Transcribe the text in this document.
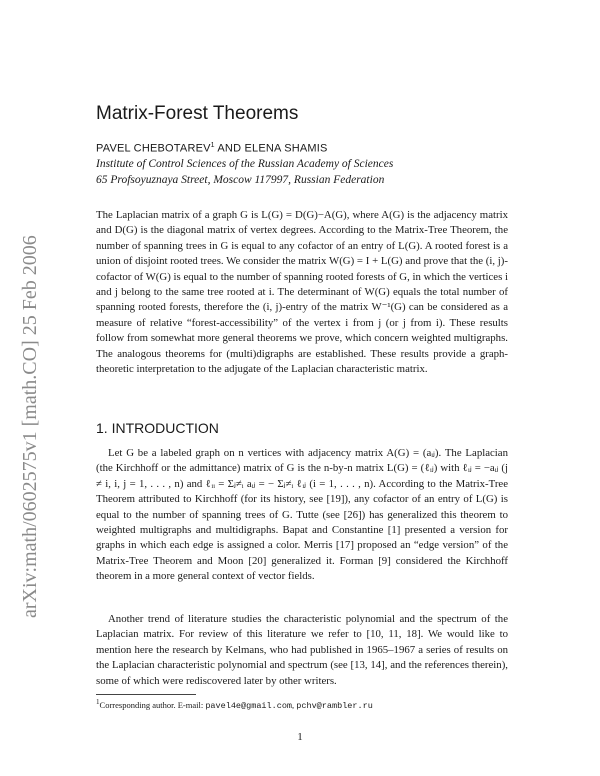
arXiv:math/0602575v1 [math.CO] 25 Feb 2006
Matrix-Forest Theorems
PAVEL CHEBOTAREV$^1$ AND ELENA SHAMIS
Institute of Control Sciences of the Russian Academy of Sciences
65 Profsoyuznaya Street, Moscow 117997, Russian Federation
The Laplacian matrix of a graph G is L(G) = D(G)−A(G), where A(G) is the adjacency matrix and D(G) is the diagonal matrix of vertex degrees. According to the Matrix-Tree Theorem, the number of spanning trees in G is equal to any cofactor of an entry of L(G). A rooted forest is a union of disjoint rooted trees. We consider the matrix W(G) = I + L(G) and prove that the (i, j)-cofactor of W(G) is equal to the number of spanning rooted forests of G, in which the vertices i and j belong to the same tree rooted at i. The determinant of W(G) equals the total number of spanning rooted forests, therefore the (i, j)-entry of the matrix W⁻¹(G) can be considered as a measure of relative “forest-accessibility” of the vertex i from j (or j from i). These results follow from somewhat more general theorems we prove, which concern weighted multigraphs. The analogous theorems for (multi)digraphs are established. These results provide a graph-theoretic interpretation to the adjugate of the Laplacian characteristic matrix.
1. INTRODUCTION
Let G be a labeled graph on n vertices with adjacency matrix A(G) = (aᵢⱼ). The Laplacian (the Kirchhoff or the admittance) matrix of G is the n-by-n matrix L(G) = (ℓᵢⱼ) with ℓᵢⱼ = −aᵢⱼ (j ≠ i, i, j = 1, . . . , n) and ℓᵢᵢ = Σⱼ≠ᵢ aᵢⱼ = − Σⱼ≠ᵢ ℓᵢⱼ (i = 1, . . . , n). According to the Matrix-Tree Theorem attributed to Kirchhoff (for its history, see [19]), any cofactor of an entry of L(G) is equal to the number of spanning trees of G. Tutte (see [26]) has generalized this theorem to weighted multigraphs and multidigraphs. Bapat and Constantine [1] presented a version for graphs in which each edge is assigned a color. Merris [17] proposed an “edge version” of the Matrix-Tree Theorem and Moon [20] generalized it. Forman [9] considered the Kirchhoff theorem in a more general context of vector fields.
Another trend of literature studies the characteristic polynomial and the spectrum of the Laplacian matrix. For review of this literature we refer to [10, 11, 18]. We would like to mention here the research by Kelmans, who had published in 1965–1967 a series of results on the Laplacian characteristic polynomial and spectrum (see [13, 14], and the references therein), some of which were rediscovered later by other writers.
$^1$Corresponding author. E-mail: pavel4e@gmail.com, pchv@rambler.ru
1
